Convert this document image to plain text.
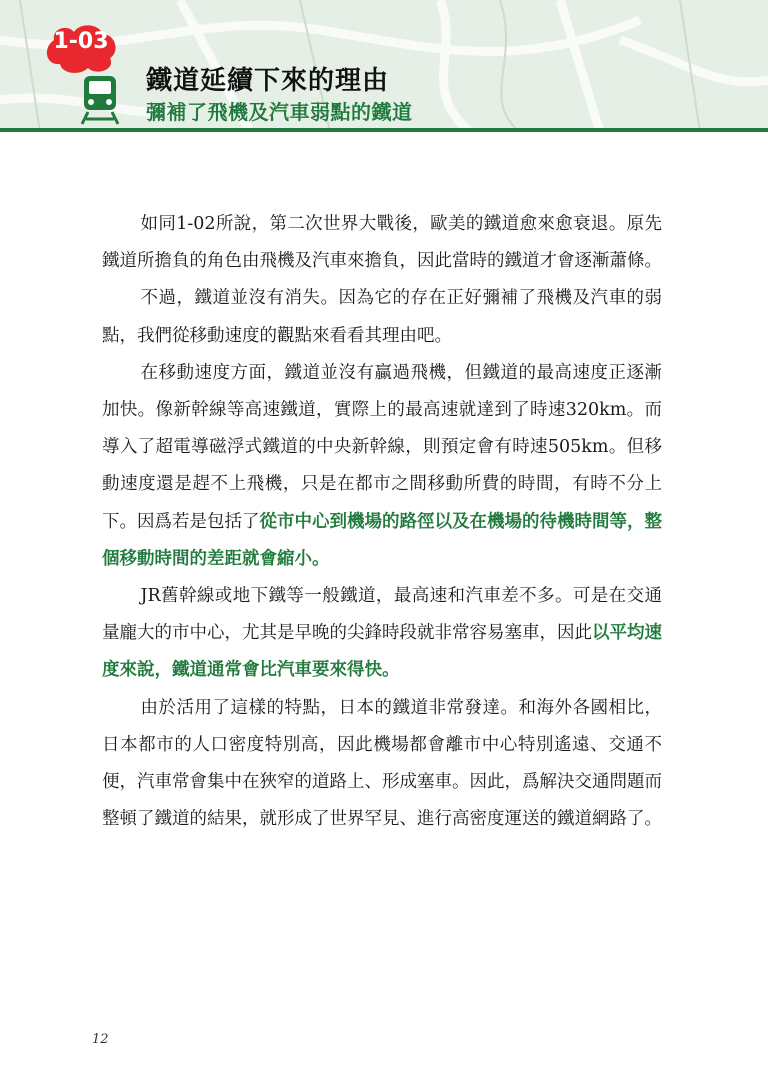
1-03
鐵道延續下來的理由
彌補了飛機及汽車弱點的鐵道

如同1-02所說，第二次世界大戰後，歐美的鐵道愈來愈衰退。原先鐵道所擔負的角色由飛機及汽車來擔負，因此當時的鐵道才會逐漸蕭條。

不過，鐵道並沒有消失。因為它的存在正好彌補了飛機及汽車的弱點，我們從移動速度的觀點來看看其理由吧。

在移動速度方面，鐵道並沒有贏過飛機，但鐵道的最高速度正逐漸加快。像新幹線等高速鐵道，實際上的最高速就達到了時速320km。而導入了超電導磁浮式鐵道的中央新幹線，則預定會有時速505km。但移動速度還是趕不上飛機，只是在都市之間移動所費的時間，有時不分上下。因爲若是包括了從市中心到機場的路徑以及在機場的待機時間等，整個移動時間的差距就會縮小。

JR舊幹線或地下鐵等一般鐵道，最高速和汽車差不多。可是在交通量龐大的市中心，尤其是早晚的尖鋒時段就非常容易塞車，因此以平均速度來說，鐵道通常會比汽車要來得快。

由於活用了這樣的特點，日本的鐵道非常發達。和海外各國相比，日本都市的人口密度特別高，因此機場都會離市中心特別遙遠、交通不便，汽車常會集中在狹窄的道路上、形成塞車。因此，爲解決交通問題而整頓了鐵道的結果，就形成了世界罕見、進行高密度運送的鐵道網路了。

12
